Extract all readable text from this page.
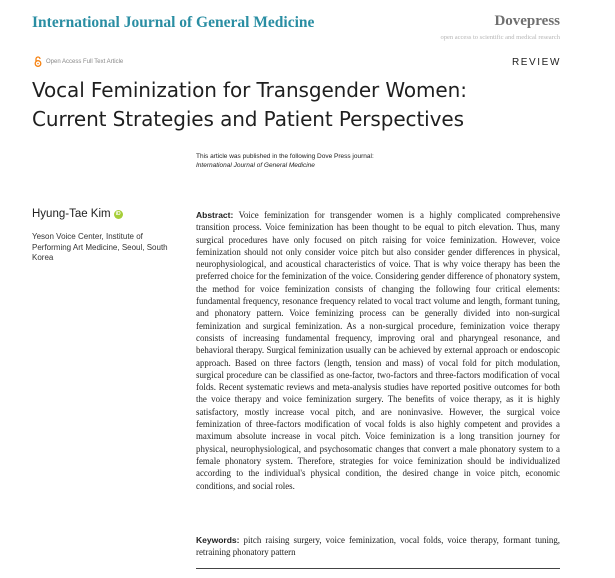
International Journal of General Medicine	Dovepress
open access to scientific and medical research
Open Access Full Text Article	REVIEW
Vocal Feminization for Transgender Women:
Current Strategies and Patient Perspectives
This article was published in the following Dove Press journal:
International Journal of General Medicine
Hyung-Tae Kim	iD
Yeson Voice Center, Institute of Performing Art Medicine, Seoul, South Korea

Abstract: Voice feminization for transgender women is a highly complicated comprehensive transition process. Voice feminization has been thought to be equal to pitch elevation. Thus, many surgical procedures have only focused on pitch raising for voice feminization. However, voice feminization should not only consider voice pitch but also consider gender differences in physical, neurophysiological, and acoustical characteristics of voice. That is why voice therapy has been the preferred choice for the feminization of the voice. Considering gender difference of phonatory system, the method for voice feminization consists of changing the following four critical elements: fundamental frequency, resonance frequency related to vocal tract volume and length, formant tuning, and phonatory pattern. Voice feminizing process can be generally divided into non-surgical feminization and surgical feminization. As a non-surgical procedure, feminization voice therapy consists of increasing fundamental frequency, improving oral and pharyngeal resonance, and behavioral therapy. Surgical feminization usually can be achieved by external approach or endoscopic approach. Based on three factors (length, tension and mass) of vocal fold for pitch modulation, surgical procedure can be classified as one-factor, two-factors and three-factors modification of vocal folds. Recent systematic reviews and meta-analysis studies have reported positive outcomes for both the voice therapy and voice feminization surgery. The benefits of voice therapy, as it is highly satisfactory, mostly increase vocal pitch, and are noninvasive. However, the surgical voice feminization of three-factors modification of vocal folds is also highly competent and provides a maximum absolute increase in vocal pitch. Voice feminization is a long transition journey for physical, neurophysiological, and psychosomatic changes that convert a male phonatory system to a female phonatory system. Therefore, strategies for voice feminization should be individualized according to the individual's physical condition, the desired change in voice pitch, economic conditions, and social roles.

Keywords: pitch raising surgery, voice feminization, vocal folds, voice therapy, formant tuning, retraining phonatory pattern
